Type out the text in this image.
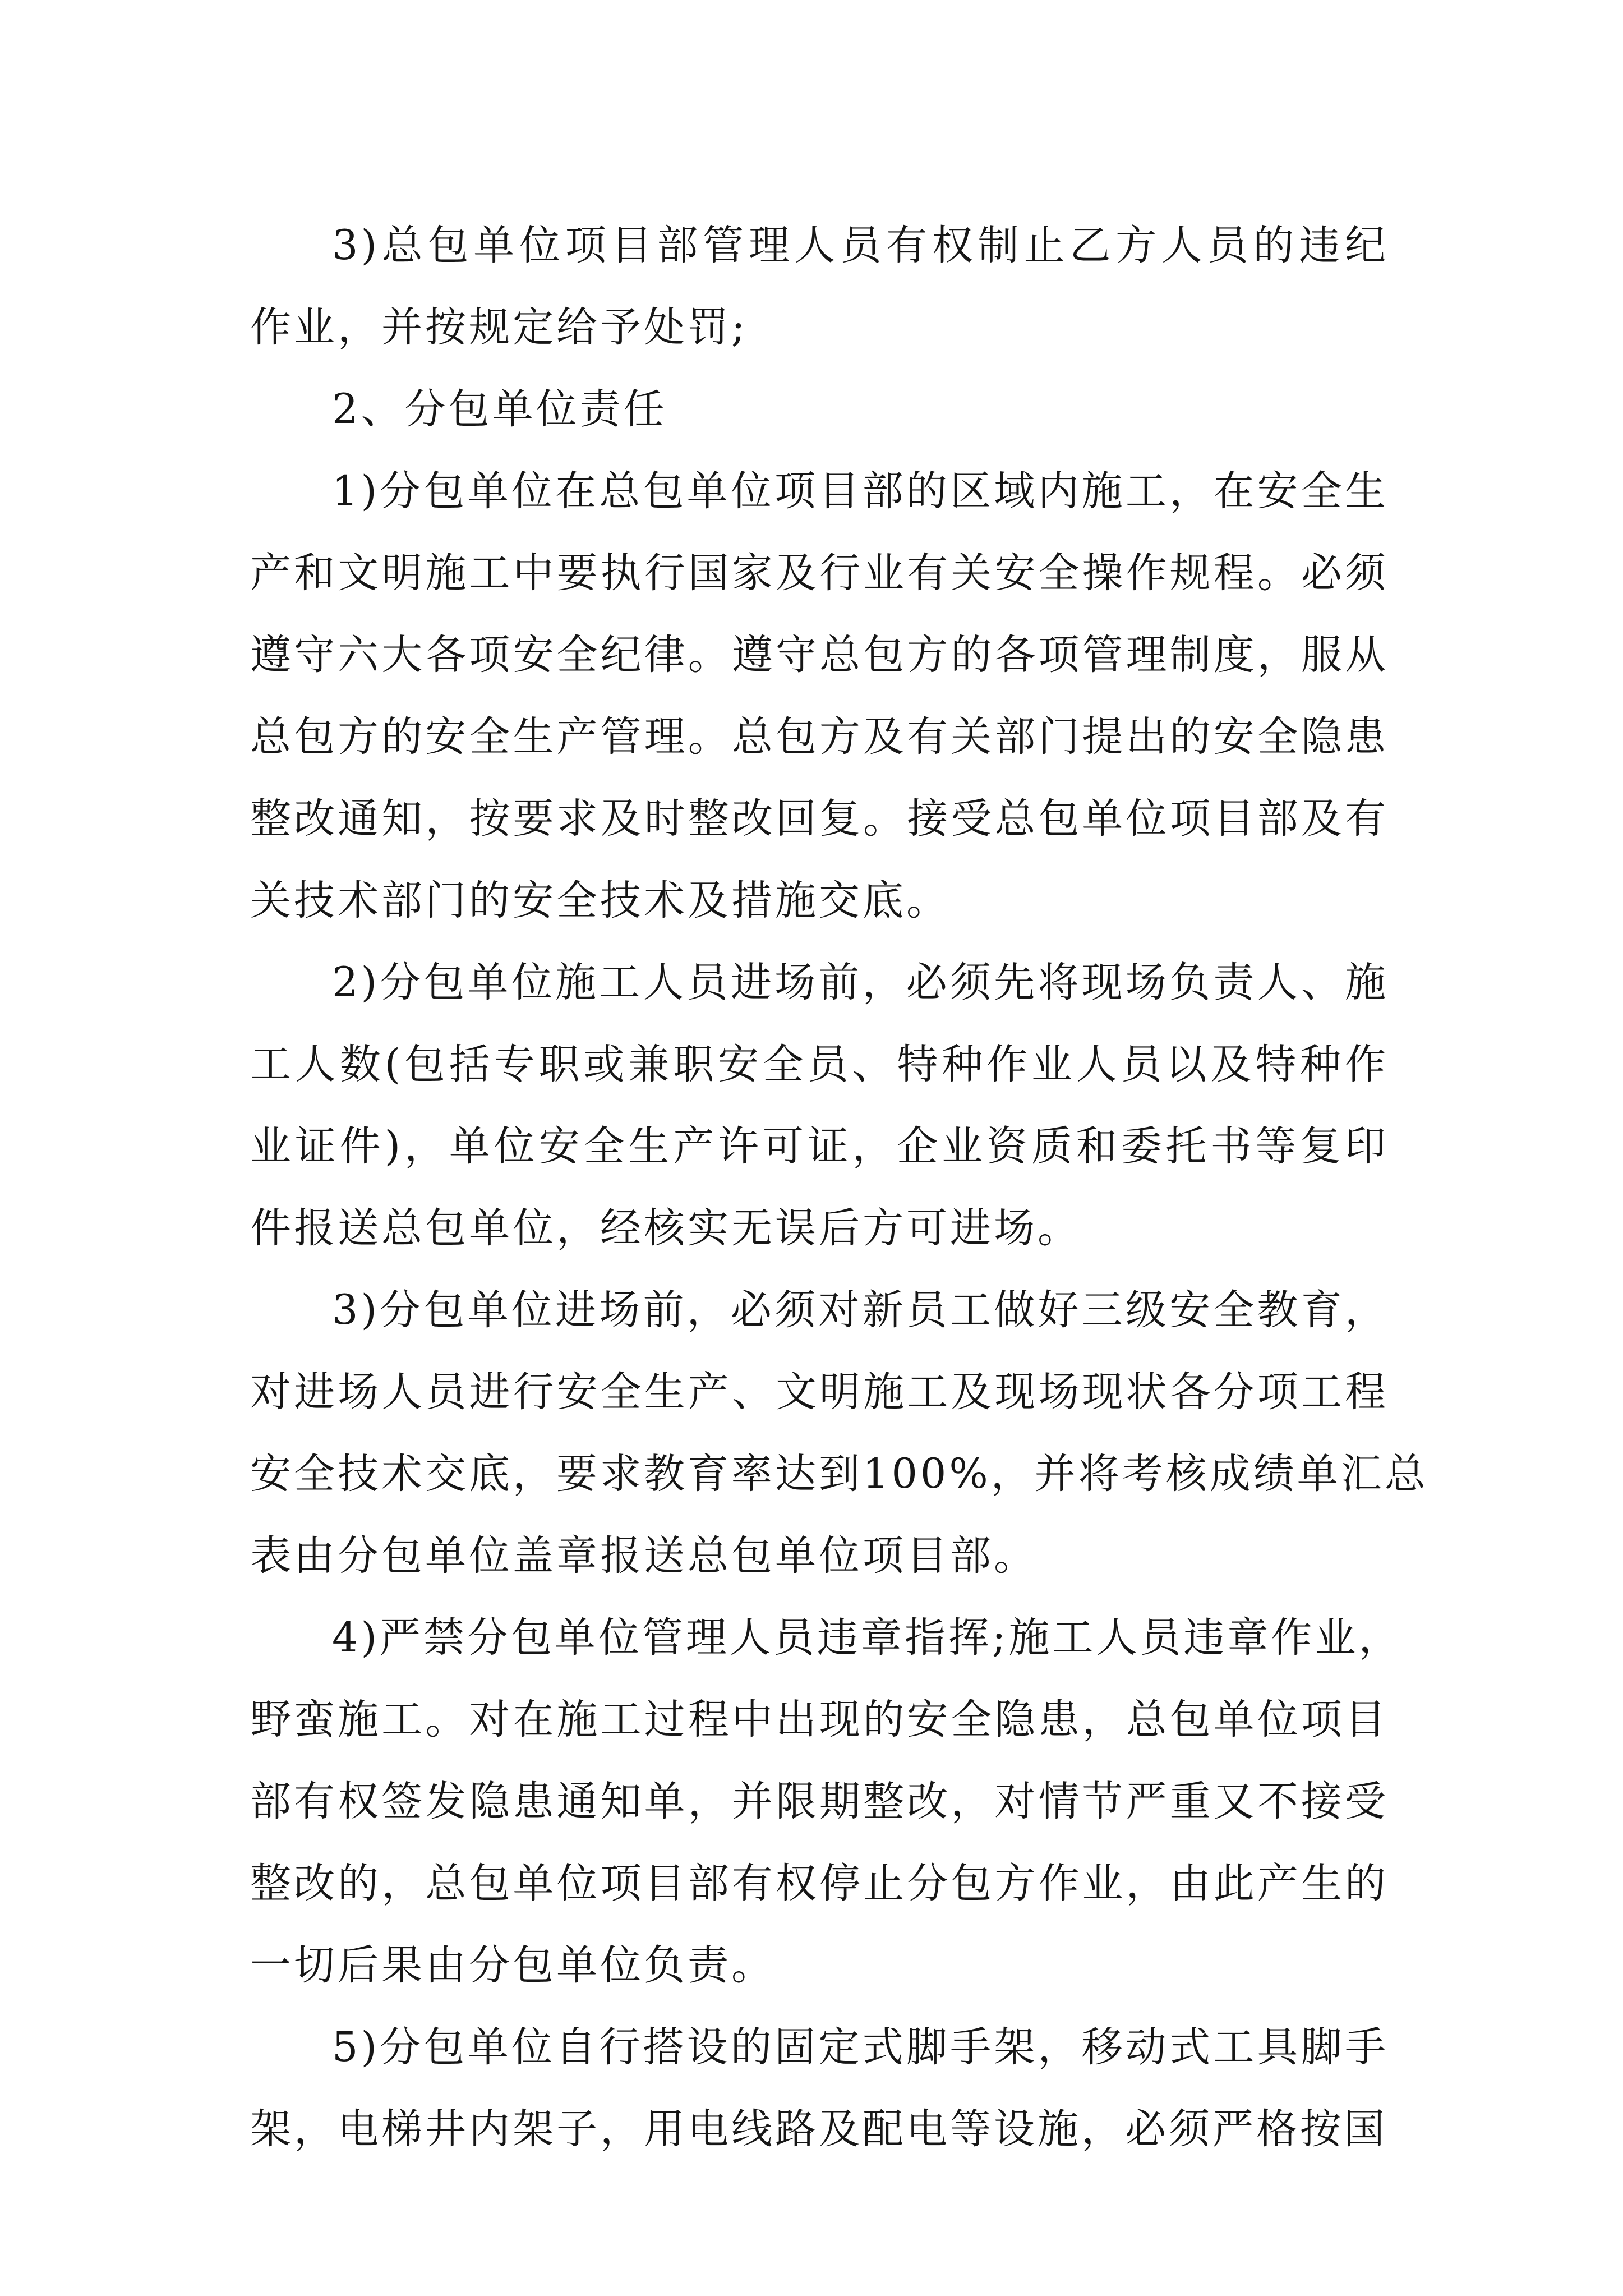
3)总包单位项目部管理人员有权制止乙方人员的违纪
作业，并按规定给予处罚;
2、分包单位责任
1)分包单位在总包单位项目部的区域内施工，在安全生
产和文明施工中要执行国家及行业有关安全操作规程。必须
遵守六大各项安全纪律。遵守总包方的各项管理制度，服从
总包方的安全生产管理。总包方及有关部门提出的安全隐患
整改通知，按要求及时整改回复。接受总包单位项目部及有
关技术部门的安全技术及措施交底。
2)分包单位施工人员进场前，必须先将现场负责人、施
工人数(包括专职或兼职安全员、特种作业人员以及特种作
业证件)，单位安全生产许可证，企业资质和委托书等复印
件报送总包单位，经核实无误后方可进场。
3)分包单位进场前，必须对新员工做好三级安全教育，
对进场人员进行安全生产、文明施工及现场现状各分项工程
安全技术交底，要求教育率达到100%，并将考核成绩单汇总
表由分包单位盖章报送总包单位项目部。
4)严禁分包单位管理人员违章指挥;施工人员违章作业，
野蛮施工。对在施工过程中出现的安全隐患，总包单位项目
部有权签发隐患通知单，并限期整改，对情节严重又不接受
整改的，总包单位项目部有权停止分包方作业，由此产生的
一切后果由分包单位负责。
5)分包单位自行搭设的固定式脚手架，移动式工具脚手
架，电梯井内架子，用电线路及配电等设施，必须严格按国
